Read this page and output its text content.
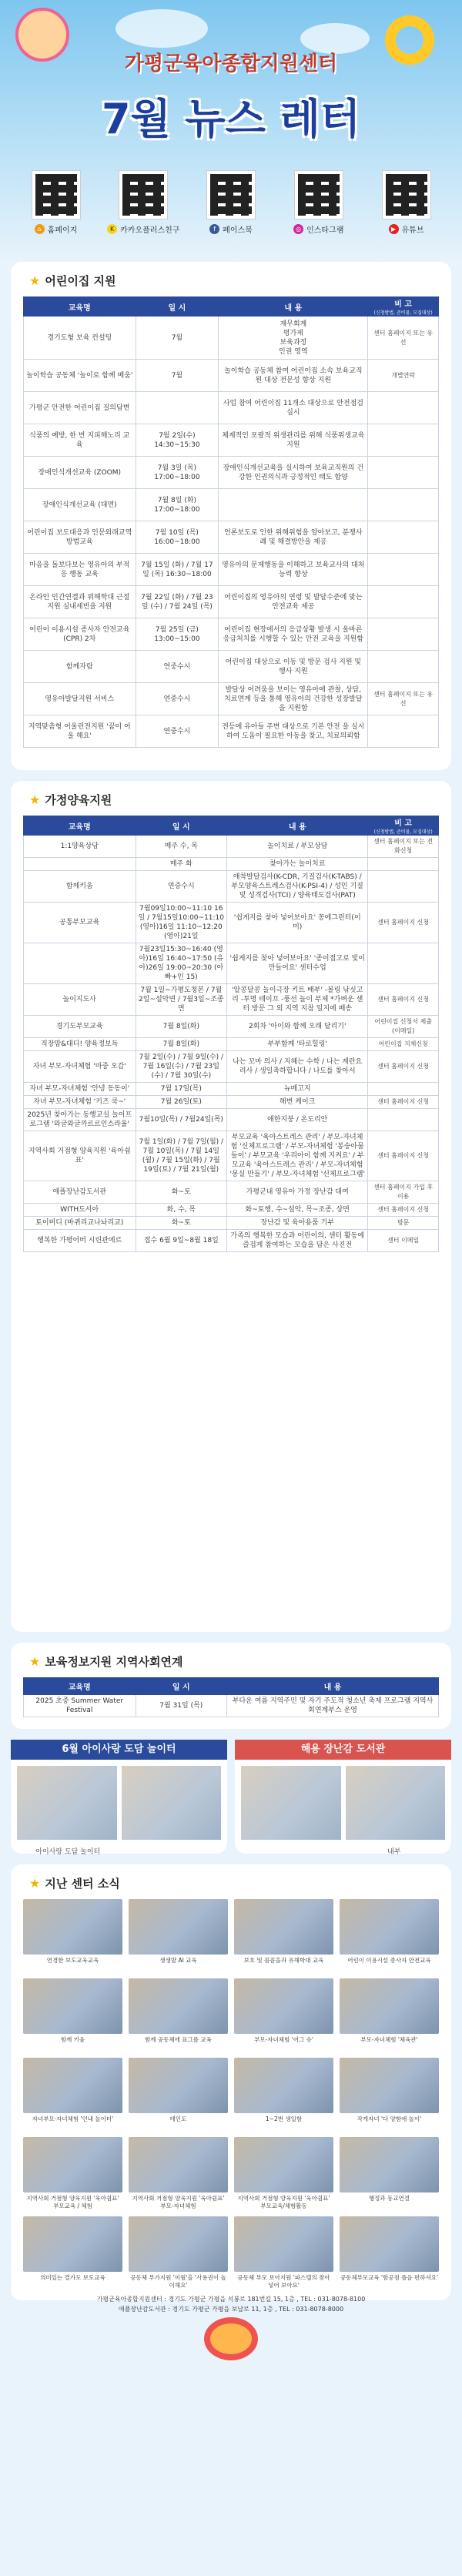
가평군육아종합지원센터
7월 뉴스 레터
⌂ 홈페이지	K 카카오플러스친구	f 페이스북	◎ 인스타그램	▶ 유튜브
★ 어린이집 지원
교육명	일 시	내 용	비 고
(신청방법, 준비물, 모집대상)

경기도형 보육 컨설팅	7월	재무회계
평가제
보육과정
인권 영역	센터 홈페이지 또는 유선
놀이학습 공동체 '놀이로 함께 배움'	7월	놀이학습 공동체 참여 어린이집 소속 보육교직원 대상 전문성 향상 지원	개별연락
가평군 안전한 어린이집 질의답변		사업 참여 어린이집 11개소 대상으로 안전점검 실시	

식품의 예방, 한 번 지피해노리 교육	7월 2일(수) 14:30~15:30	체계적인 포괄적 위생관리를 위해 식품위생교육 지원	

장애인식개선교육 (ZOOM)	7월 3일 (목) 17:00~18:00	장애인식개선교육을 실시하여 보육교직원의 건강한 인권의식과 긍정적인 태도 함양	

장애인식개선교육 (대면)	7월 8일 (화) 17:00~18:00		
어린이집 보도대응과 인문외래교역 방법교육	7월 10일 (목) 16:00~18:00	언론보도로 인한 위해위험을 알아보고, 분쟁사례 및 해결방안을 제공	

마음을 돌보다보는 영유아의 부적응 행동 교육	7월 15일 (화) / 7월 17일 (목) 16:30~18:00	영유아의 문제행동을 이해하고 보육교사의 대처 능력 향상	

온라인 인간연결과 위해학대 근절 지원 실내세빈을 지원	7월 22일 (화) / 7월 23일 (수) / 7월 24일 (목)	어린이집의 영유아의 연령 및 발달수준에 맞는 안전교육 제공	

어린이 이용시설 종사자 안전교육(CPR) 2차	7월 25일 (금) 13:00~15:00	어린이집 현장에서의 응급상황 발생 시 올바른 응급처치를 시행할 수 있는 안전 교육을 지원함	

함께자람	연중수시	어린이집 대상으로 이동 및 방문 검사 지원 및 행사 지원	

영유아발달지원 서비스	연중수시	발달상 어려움을 보이는 영유아에 관찰, 상담, 치료연계 등을 통해 영유아의 건강한 성장발달을 지원함	센터 홈페이지 또는 유선
지역맞춤형 어울린전지원 '꿈이 어울 해요'	연중수시	전등에 유아들 주변 대상으로 기본 안전 을 실시하여 도움이 필요한 아동을 찾고, 치료의뢰함	

★ 가정양육지원
교육명	일 시	내 용	비 고
(신청방법, 준비물, 모집대상)

1:1양육상담	매주 수, 목	놀이치료 / 부모상담	센터 홈페이지 또는 전화신청
	매주 화	찾아가는 놀이치료	
함께키움	연중수시	애착발달검사(K-CDR, 기질검사(K-TABS) / 부모양육스트레스검사(K-PSI-4) / 성인 기질 및 성격검사(TCI) / 양육태도검사(PAT)	
공통부모교육	7월09일10:00~11:10 16일 / 7월15일10:00~11:10 (영아)16일 11:10~12:20 (영아)21일	'쉽게지를 찾아 넣어보아요' 꽁에그린터(이미)	센터 홈페이지 신청
	7월23일15:30~16:40 (영아)16일 16:40~17:50 (유아)26일 19:00~20:30 (아빠+인 15)	'쉽게지를 찾아 넣어보아요' '종이접고로 빛이 만들어요' 센터수업	
놀이지도사	7월 1일~가평도청본 / 7월2일~설악면 / 7월3일~조종면	'알콩달콩 놀이극장 키트 배부' -볼링 낚싯고리 -투명 테이프 -풍선 놀이 부제 *가벼운 센터 방문 그 외 지역 지참 일지에 배송	센터 홈페이지 신청
경기도부모교육	7월 8일(화)	2회차 '아이와 함께 오래 달리기'	어린이집 신청서 제출(이메일)
직장맘&대디! 양육정보독	7월 8일(화)	부부함께 '타로힐링'	어린이집 지체신청
자녀 부모-자녀체험 '마중 오감'	7월 2일(수) / 7월 9일(수) / 7월 16일(수) / 7월 23일(수) / 7월 30일(수)	나는 꼬마 의사 / 지혜는 수학 / 나는 계란요리사 / 생일축하합니다 / 나도를 찾아서	센터 홈페이지 신청
자녀 부모-자녀체험 '안녕 동동이'	7월 17일(목)	뉴메고지	
자녀 부모-자녀체험 '키즈 쿡~'	7월 26일(토)	해변 케이크	센터 홈페이지 신청
2025년 찾아가는 동행교실 놀이프로그램 '와글와글까르르인스라율'	7월10일(목) / 7월24일(목)	애한지붕 / 온도리안	
지역사회 거점형 양육지원 '육아쉼표'	7월 1일(화) / 7월 7일(월) / 7월 10일(목) / 7월 14일(월) / 7월 15일(화) / 7월 19일(토) / 7월 21일(월)	부모교육 '육아스트레스 관리' / 부모-자녀체험 '신체프로그램' / 부모-자녀체험 '봉숭아물들이' / 부모교육 '우리아이 함께 지켜요' / 부모교육 '육아스트레스 관리' / 부모-자녀체험 '몽실 만들기' / 부모-자녀체험 '신체프로그램'	센터 홈페이지 신청
애플장난감도서관	화~토	가평군내 영유아 가정 장난감 대여	센터 홈페이지 가입 후 이용
WITH도서아	화, 수, 목	화~토행, 수~설악, 목~조종, 상면	센터 홈페이지 신청
토이버디 (바퀴리교나놔리교)	화~토	장난감 및 육아용품 기부	방문
행복한 가평어버 시린관에르	접수 6월 9일~8월 18일	가족의 행복한 모습과 어린이의, 센터 활동에 즐겁게 참여하는 모습을 담은 사진전	센터 이메일
★ 보육정보지원 지역사회연계
교육명	일 시	내 용
2025 초중 Summer Water Festival	7월 31일 (목)	부다운 여름 지역주민 및 자기 주도적 청소년 축제 프로그램 지역사회연계부스 운영
6월 아이사랑 도담 놀이터
아이사랑 도담 놀이터
해용 장난감 도서관
내부
★ 지난 센터 소식
연경한 보도교육교육	생생발 AI 교육	보호 및 꼼꼼을과 유해학대 교육	어린이 이용시설 종사자 안전교육
함께 키움	함께 공동체에 표그를 교육	부모-자녀체험 '어그 슈'	부모-자녀체험 '체육관'
자녀부모·자녀체험 '인내 놀이터'	테인도	1~2번 생일함	작게자녀 '다 양함에 놀이'
지역사회 거점형 양육지원 '육아쉼표' 부모교육 / 체험
지역사회 거점형 양육지원 '육아쉼표' 부모-자녀체험
지역사회 거점형 양육지원 '육아쉼표' 부모교육/체험활동
행정과 동교연결
의미있는 결가도 보도교육	공동체 부가지원 '이월'을 '사용권이 놀이해요'
공동체 부모 보아지원 '파스텔의 찾아 넣어 보아요'
공동체부모교육 '함공점 플음 편하셔요'
가평군육아종합지원센터 : 경기도 가평군 가평읍 석봉로 181번길 15, 1층 , TEL : 031-8078-8100
애플장난감도서관 : 경기도 가평군 가평읍 보납로 11, 1층 , TEL : 031-8078-8000
